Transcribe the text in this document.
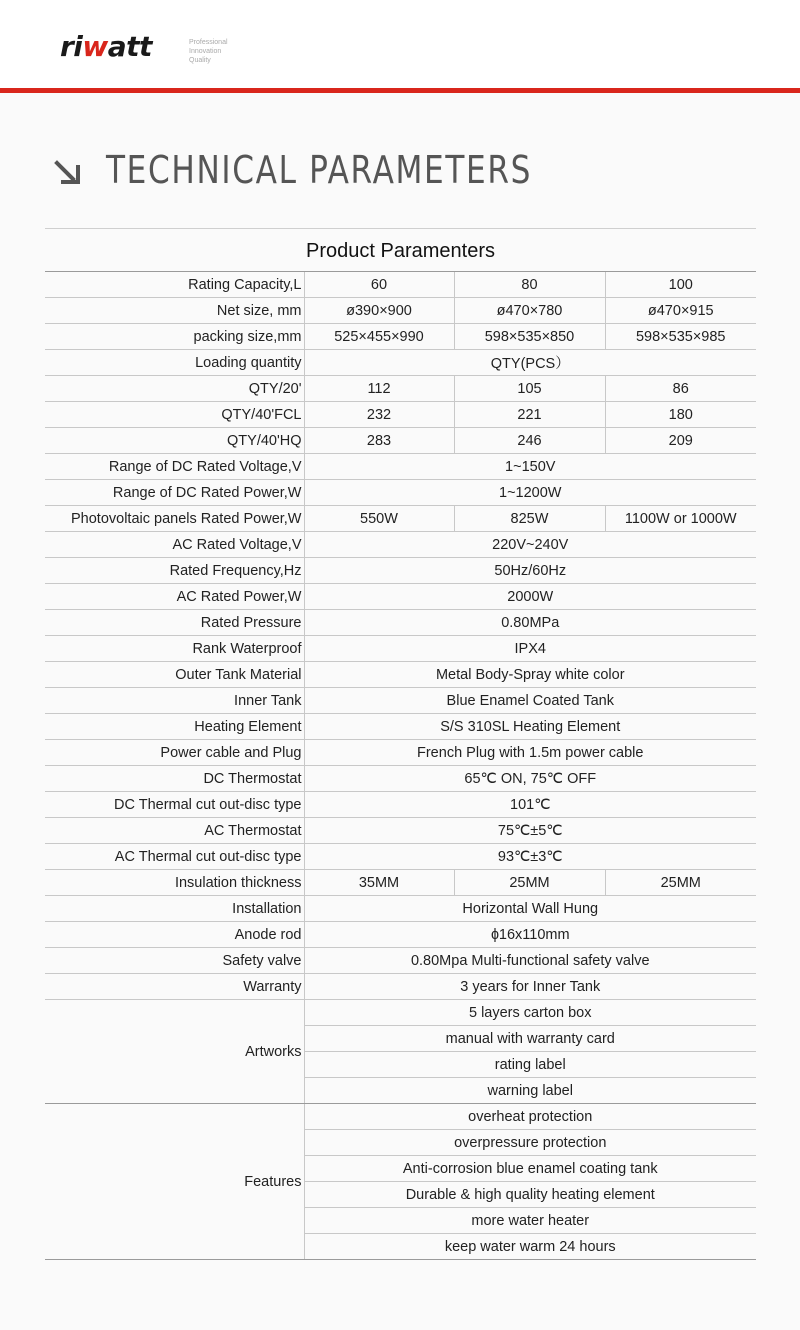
riwatt	Professional
Innovation
Quality
TECHNICAL PARAMETERS
Product Paramenters
Rating Capacity,L	60	80	100
Net size, mm	ø390×900	ø470×780	ø470×915
packing size,mm	525×455×990	598×535×850	598×535×985
Loading quantity	QTY(PCS）		
QTY/20'	112	105	86
QTY/40'FCL	232	221	180
QTY/40'HQ	283	246	209
Range of DC Rated Voltage,V	1~150V		
Range of DC Rated Power,W	1~1200W		
Photovoltaic panels Rated Power,W	550W	825W	1100W or 1000W
AC Rated Voltage,V	220V~240V		
Rated Frequency,Hz	50Hz/60Hz		
AC Rated Power,W	2000W		
Rated Pressure	0.80MPa		
Rank Waterproof	IPX4		
Outer Tank Material	Metal Body-Spray white color		
Inner Tank	Blue Enamel Coated Tank		
Heating Element	S/S 310SL Heating Element		
Power cable and Plug	French Plug with 1.5m power cable		
DC Thermostat	65℃ ON, 75℃ OFF		
DC Thermal cut out-disc type	101℃		
AC Thermostat	75℃±5℃		
AC Thermal cut out-disc type	93℃±3℃		
Insulation thickness	35MM	25MM	25MM
Installation	Horizontal Wall Hung		
Anode rod	ɸ16x110mm		
Safety valve	0.80Mpa Multi-functional safety valve		
Warranty	3 years for Inner Tank		
Artworks	5 layers carton box		
	manual with warranty card		
	rating label		
	warning label		
Features	overheat protection		
	overpressure protection		
	Anti-corrosion blue enamel coating tank		
	Durable & high quality heating element		
	more water heater		
	keep water warm 24 hours		
